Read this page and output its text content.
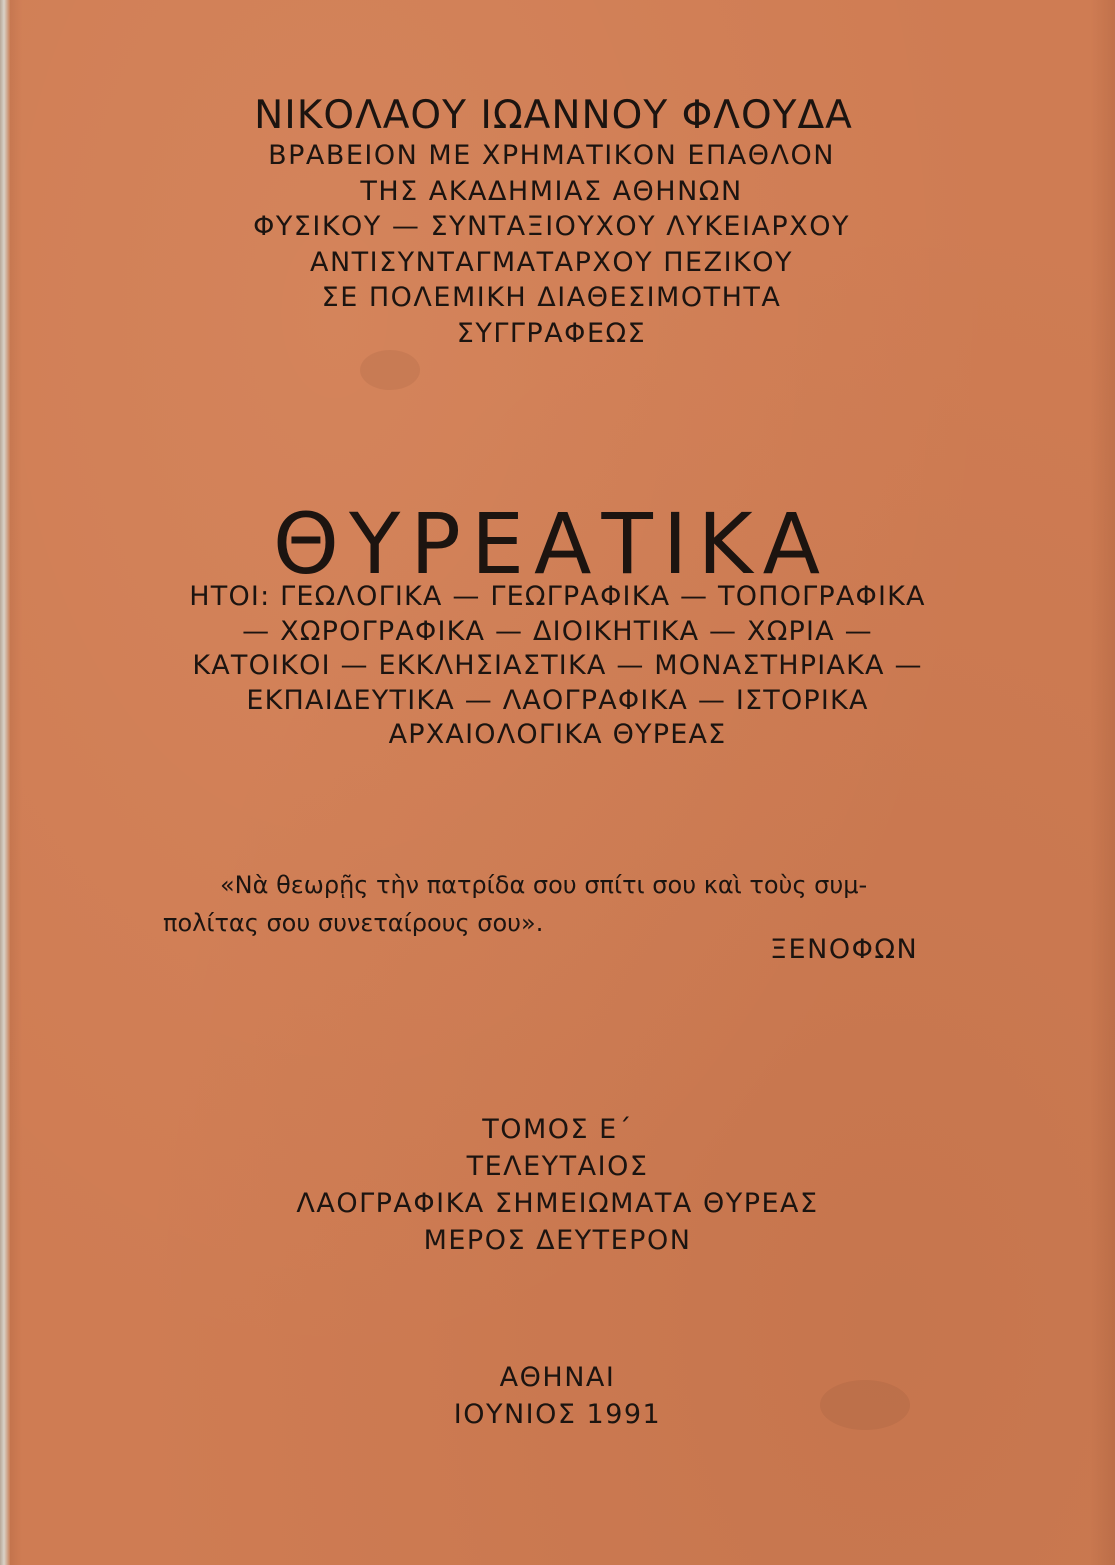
ΝΙΚΟΛΑΟΥ ΙΩΑΝΝΟΥ ΦΛΟΥΔΑ
ΒΡΑΒΕΙΟΝ ΜΕ ΧΡΗΜΑΤΙΚΟΝ ΕΠΑΘΛΟΝ
ΤΗΣ ΑΚΑΔΗΜΙΑΣ ΑΘΗΝΩΝ
ΦΥΣΙΚΟΥ — ΣΥΝΤΑΞΙΟΥΧΟΥ ΛΥΚΕΙΑΡΧΟΥ
ΑΝΤΙΣΥΝΤΑΓΜΑΤΑΡΧΟΥ ΠΕΖΙΚΟΥ
ΣΕ ΠΟΛΕΜΙΚΗ ΔΙΑΘΕΣΙΜΟΤΗΤΑ
ΣΥΓΓΡΑΦΕΩΣ
ΘΥΡΕΑΤΙΚΑ
ΗΤΟΙ: ΓΕΩΛΟΓΙΚΑ — ΓΕΩΓΡΑΦΙΚΑ — ΤΟΠΟΓΡΑΦΙΚΑ
— ΧΩΡΟΓΡΑΦΙΚΑ — ΔΙΟΙΚΗΤΙΚΑ — ΧΩΡΙΑ —
ΚΑΤΟΙΚΟΙ — ΕΚΚΛΗΣΙΑΣΤΙΚΑ — ΜΟΝΑΣΤΗΡΙΑΚΑ —
ΕΚΠΑΙΔΕΥΤΙΚΑ — ΛΑΟΓΡΑΦΙΚΑ — ΙΣΤΟΡΙΚΑ
ΑΡΧΑΙΟΛΟΓΙΚΑ ΘΥΡΕΑΣ
«Νὰ θεωρῇς τὴν πατρίδα σου σπίτι σου καὶ τοὺς συμ-
πολίτας σου συνεταίρους σου».
ΞΕΝΟΦΩΝ
ΤΟΜΟΣ Ε΄
ΤΕΛΕΥΤΑΙΟΣ
ΛΑΟΓΡΑΦΙΚΑ ΣΗΜΕΙΩΜΑΤΑ ΘΥΡΕΑΣ
ΜΕΡΟΣ ΔΕΥΤΕΡΟΝ
ΑΘΗΝΑΙ
ΙΟΥΝΙΟΣ 1991
